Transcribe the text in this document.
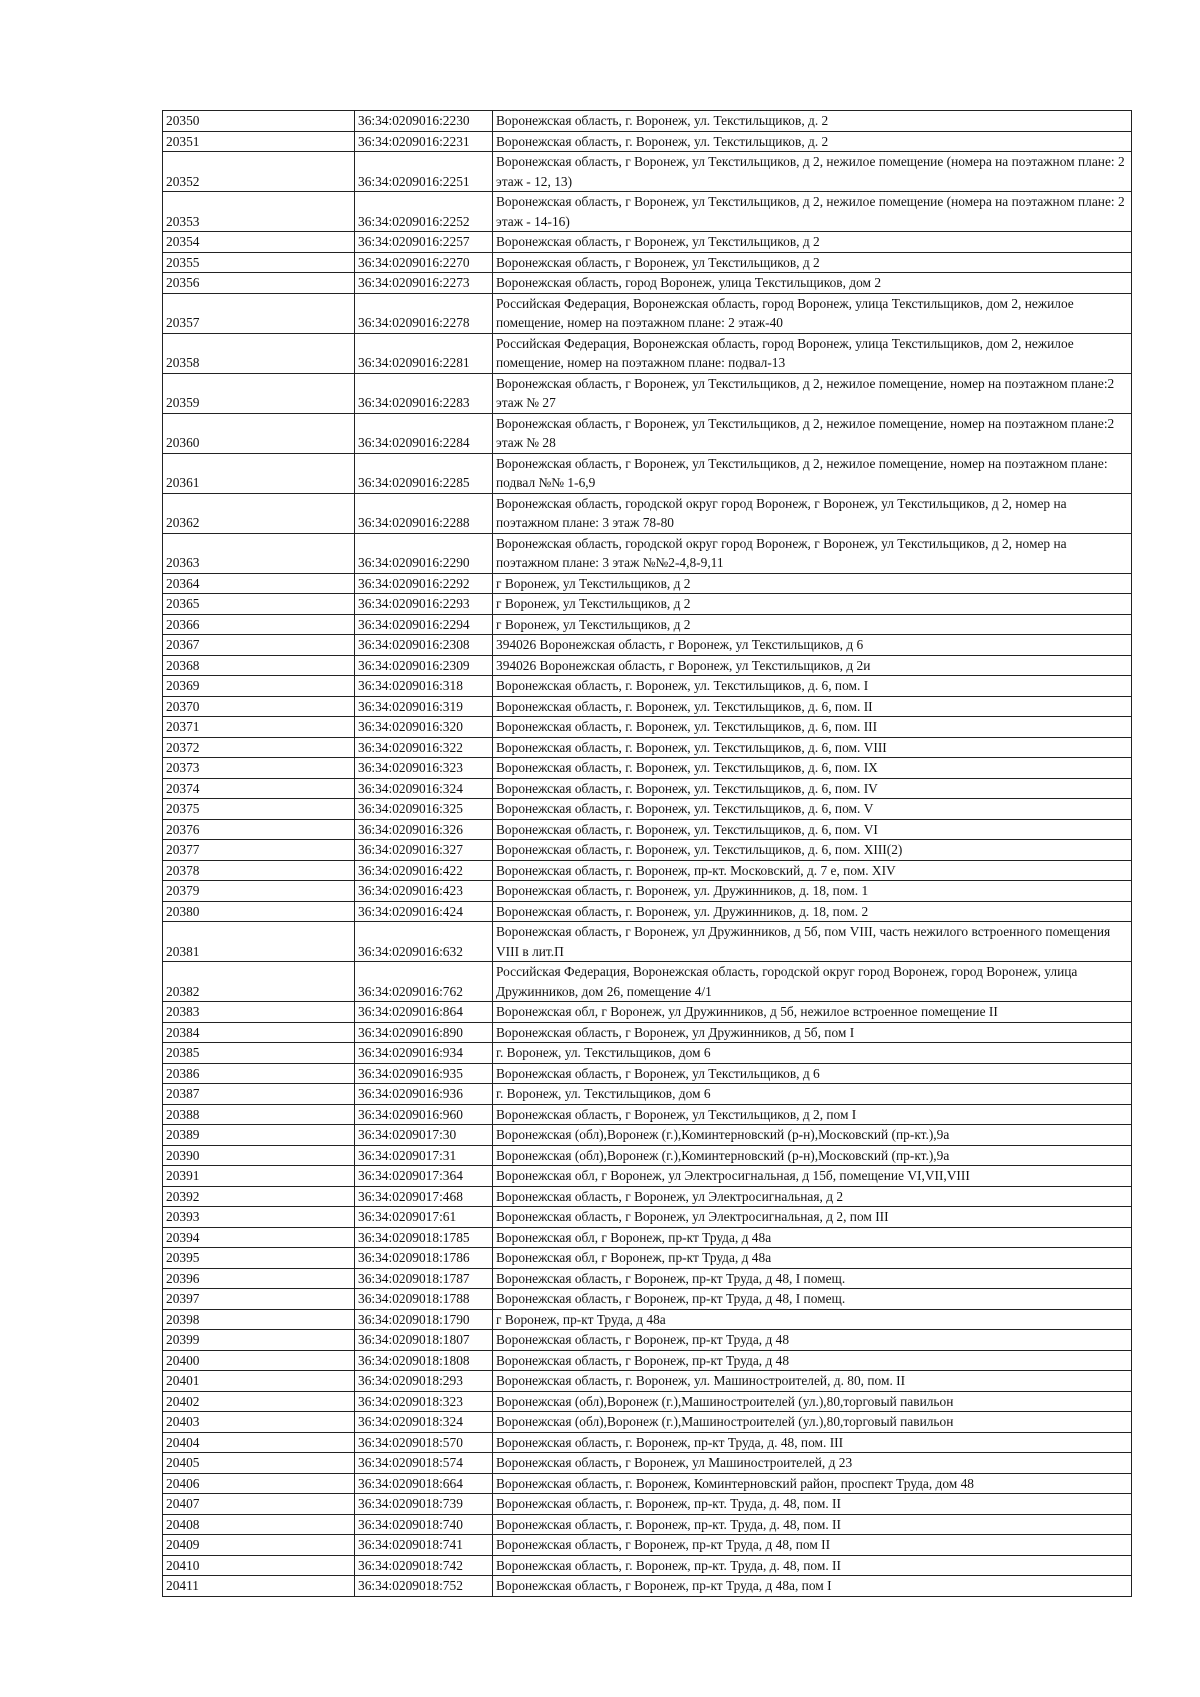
20350	36:34:0209016:2230	Воронежская область, г. Воронеж, ул. Текстильщиков, д. 2
20351	36:34:0209016:2231	Воронежская область, г. Воронеж, ул. Текстильщиков, д. 2
20352	36:34:0209016:2251	Воронежская область, г Воронеж, ул Текстильщиков, д 2, нежилое помещение (номера на поэтажном плане: 2 этаж - 12, 13)
20353	36:34:0209016:2252	Воронежская область, г Воронеж, ул Текстильщиков, д 2, нежилое помещение (номера на поэтажном плане: 2 этаж - 14-16)
20354	36:34:0209016:2257	Воронежская область, г Воронеж, ул Текстильщиков, д 2
20355	36:34:0209016:2270	Воронежская область, г Воронеж, ул Текстильщиков, д 2
20356	36:34:0209016:2273	Воронежская область, город Воронеж, улица Текстильщиков, дом 2
20357	36:34:0209016:2278	Российская Федерация, Воронежская область, город Воронеж, улица Текстильщиков, дом 2, нежилое помещение, номер на поэтажном плане: 2 этаж-40
20358	36:34:0209016:2281	Российская Федерация, Воронежская область, город Воронеж, улица Текстильщиков, дом 2, нежилое помещение, номер на поэтажном плане: подвал-13
20359	36:34:0209016:2283	Воронежская область, г Воронеж, ул Текстильщиков, д 2, нежилое помещение, номер на поэтажном плане:2 этаж № 27
20360	36:34:0209016:2284	Воронежская область, г Воронеж, ул Текстильщиков, д 2, нежилое помещение, номер на поэтажном плане:2 этаж № 28
20361	36:34:0209016:2285	Воронежская область, г Воронеж, ул Текстильщиков, д 2, нежилое помещение, номер на поэтажном плане: подвал №№ 1-6,9
20362	36:34:0209016:2288	Воронежская область, городской округ город Воронеж, г Воронеж, ул Текстильщиков, д 2, номер на поэтажном плане: 3 этаж 78-80
20363	36:34:0209016:2290	Воронежская область, городской округ город Воронеж, г Воронеж, ул Текстильщиков, д 2, номер на поэтажном плане: 3 этаж №№2-4,8-9,11
20364	36:34:0209016:2292	г Воронеж, ул Текстильщиков, д 2
20365	36:34:0209016:2293	г Воронеж, ул Текстильщиков, д 2
20366	36:34:0209016:2294	г Воронеж, ул Текстильщиков, д 2
20367	36:34:0209016:2308	394026 Воронежская область, г Воронеж, ул Текстильщиков, д 6
20368	36:34:0209016:2309	394026 Воронежская область, г Воронеж, ул Текстильщиков, д 2и
20369	36:34:0209016:318	Воронежская область, г. Воронеж, ул. Текстильщиков, д. 6, пом. I
20370	36:34:0209016:319	Воронежская область, г. Воронеж, ул. Текстильщиков, д. 6, пом. II
20371	36:34:0209016:320	Воронежская область, г. Воронеж, ул. Текстильщиков, д. 6, пом. III
20372	36:34:0209016:322	Воронежская область, г. Воронеж, ул. Текстильщиков, д. 6, пом. VIII
20373	36:34:0209016:323	Воронежская область, г. Воронеж, ул. Текстильщиков, д. 6, пом. IX
20374	36:34:0209016:324	Воронежская область, г. Воронеж, ул. Текстильщиков, д. 6, пом. IV
20375	36:34:0209016:325	Воронежская область, г. Воронеж, ул. Текстильщиков, д. 6, пом. V
20376	36:34:0209016:326	Воронежская область, г. Воронеж, ул. Текстильщиков, д. 6, пом. VI
20377	36:34:0209016:327	Воронежская область, г. Воронеж, ул. Текстильщиков, д. 6, пом. XIII(2)
20378	36:34:0209016:422	Воронежская область, г. Воронеж, пр-кт. Московский, д. 7 е, пом. XIV
20379	36:34:0209016:423	Воронежская область, г. Воронеж, ул. Дружинников, д. 18, пом. 1
20380	36:34:0209016:424	Воронежская область, г. Воронеж, ул. Дружинников, д. 18, пом. 2
20381	36:34:0209016:632	Воронежская область, г Воронеж, ул Дружинников, д 5б, пом VIII, часть нежилого встроенного помещения VIII в лит.П
20382	36:34:0209016:762	Российская Федерация, Воронежская область, городской округ город Воронеж, город Воронеж, улица Дружинников, дом 26, помещение 4/1
20383	36:34:0209016:864	Воронежская обл, г Воронеж, ул Дружинников, д 5б, нежилое встроенное помещение II
20384	36:34:0209016:890	Воронежская область, г Воронеж, ул Дружинников, д 5б, пом I
20385	36:34:0209016:934	г. Воронеж, ул. Текстильщиков, дом 6
20386	36:34:0209016:935	Воронежская область, г Воронеж, ул Текстильщиков, д 6
20387	36:34:0209016:936	г. Воронеж, ул. Текстильщиков, дом 6
20388	36:34:0209016:960	Воронежская область, г Воронеж, ул Текстильщиков, д 2, пом I
20389	36:34:0209017:30	Воронежская (обл),Воронеж (г.),Коминтерновский (р-н),Московский (пр-кт.),9а
20390	36:34:0209017:31	Воронежская (обл),Воронеж (г.),Коминтерновский (р-н),Московский (пр-кт.),9а
20391	36:34:0209017:364	Воронежская обл, г Воронеж, ул Электросигнальная, д 15б, помещение VI,VII,VIII
20392	36:34:0209017:468	Воронежская область, г Воронеж, ул Электросигнальная, д 2
20393	36:34:0209017:61	Воронежская область, г Воронеж, ул Электросигнальная, д 2, пом III
20394	36:34:0209018:1785	Воронежская обл, г Воронеж, пр-кт Труда, д 48а
20395	36:34:0209018:1786	Воронежская обл, г Воронеж, пр-кт Труда, д 48а
20396	36:34:0209018:1787	Воронежская область, г Воронеж, пр-кт Труда, д 48, I помещ.
20397	36:34:0209018:1788	Воронежская область, г Воронеж, пр-кт Труда, д 48, I помещ.
20398	36:34:0209018:1790	г Воронеж, пр-кт Труда, д 48а
20399	36:34:0209018:1807	Воронежская область, г Воронеж, пр-кт Труда, д 48
20400	36:34:0209018:1808	Воронежская область, г Воронеж, пр-кт Труда, д 48
20401	36:34:0209018:293	Воронежская область, г. Воронеж, ул. Машиностроителей, д. 80, пом. II
20402	36:34:0209018:323	Воронежская (обл),Воронеж (г.),Машиностроителей (ул.),80,торговый павильон
20403	36:34:0209018:324	Воронежская (обл),Воронеж (г.),Машиностроителей (ул.),80,торговый павильон
20404	36:34:0209018:570	Воронежская область, г. Воронеж, пр-кт Труда, д. 48, пом. III
20405	36:34:0209018:574	Воронежская область, г Воронеж, ул Машиностроителей, д 23
20406	36:34:0209018:664	Воронежская область, г. Воронеж, Коминтерновский район, проспект Труда, дом 48
20407	36:34:0209018:739	Воронежская область, г. Воронеж, пр-кт. Труда, д. 48, пом. II
20408	36:34:0209018:740	Воронежская область, г. Воронеж, пр-кт. Труда, д. 48, пом. II
20409	36:34:0209018:741	Воронежская область, г Воронеж, пр-кт Труда, д 48, пом II
20410	36:34:0209018:742	Воронежская область, г. Воронеж, пр-кт. Труда, д. 48, пом. II
20411	36:34:0209018:752	Воронежская область, г Воронеж, пр-кт Труда, д 48а, пом I
